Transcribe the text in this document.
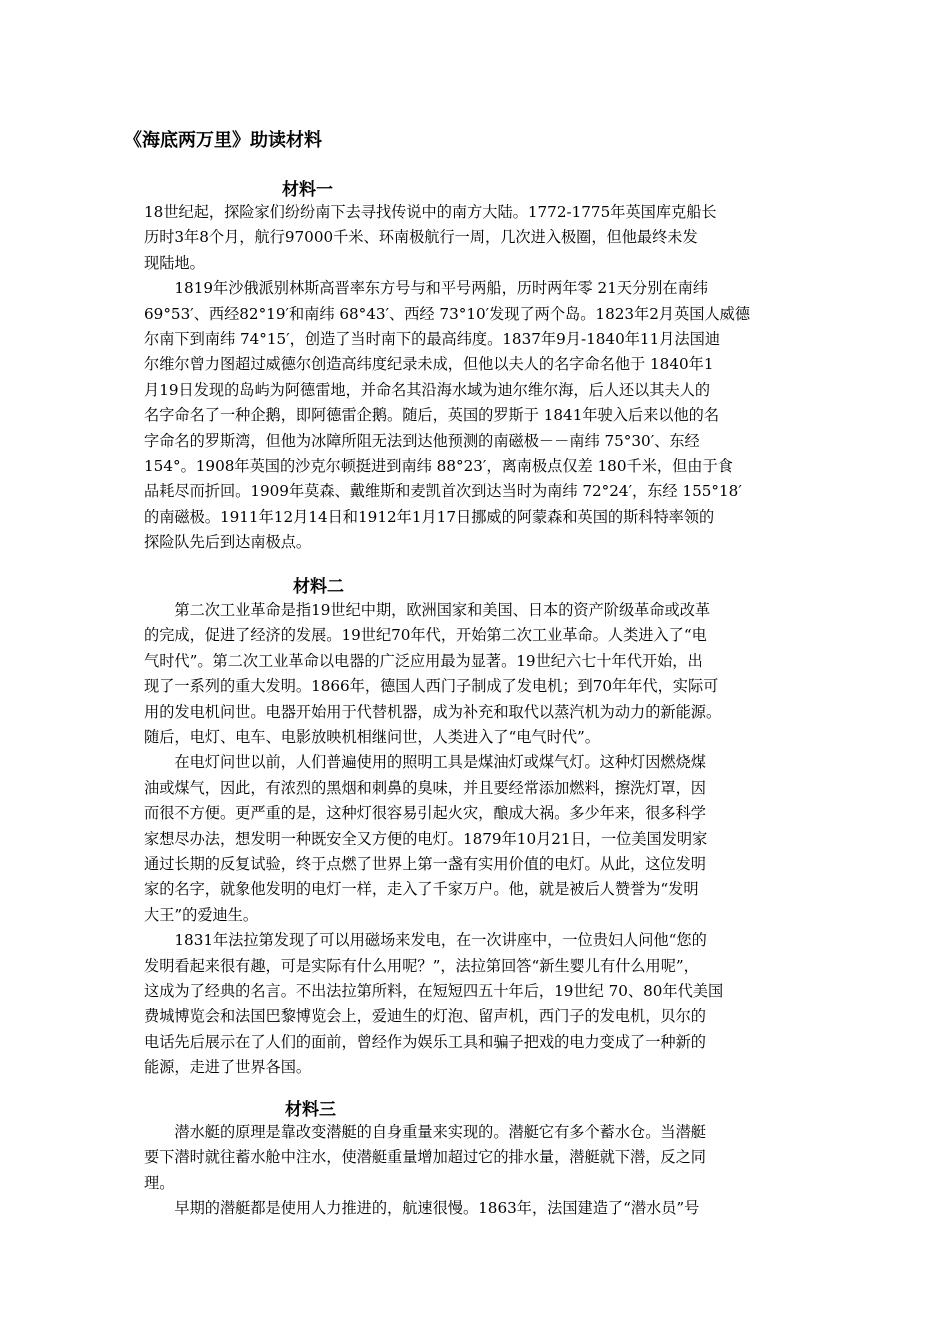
《海底两万里》助读材料
材料一
18世纪起，探险家们纷纷南下去寻找传说中的南方大陆。1772-1775年英国库克船长
历时3年8个月，航行97000千米、环南极航行一周，几次进入极圈，但他最终未发
现陆地。
　　1819年沙俄派别林斯高晋率东方号与和平号两船，历时两年零 21天分别在南纬
69°53′、西经82°19′和南纬 68°43′、西经 73°10′发现了两个岛。1823年2月英国人威德
尔南下到南纬 74°15′，创造了当时南下的最高纬度。1837年9月-1840年11月法国迪
尔维尔曾力图超过威德尔创造高纬度纪录未成，但他以夫人的名字命名他于 1840年1
月19日发现的岛屿为阿德雷地，并命名其沿海水域为迪尔维尔海，后人还以其夫人的
名字命名了一种企鹅，即阿德雷企鹅。随后，英国的罗斯于 1841年驶入后来以他的名
字命名的罗斯湾，但他为冰障所阻无法到达他预测的南磁极－－南纬 75°30′、东经
154°。1908年英国的沙克尔顿挺进到南纬 88°23′，离南极点仅差 180千米，但由于食
品耗尽而折回。1909年莫森、戴维斯和麦凯首次到达当时为南纬 72°24′，东经 155°18′
的南磁极。1911年12月14日和1912年1月17日挪威的阿蒙森和英国的斯科特率领的
探险队先后到达南极点。
材料二
　　第二次工业革命是指19世纪中期，欧洲国家和美国、日本的资产阶级革命或改革
的完成，促进了经济的发展。19世纪70年代，开始第二次工业革命。人类进入了“电
气时代”。第二次工业革命以电器的广泛应用最为显著。19世纪六七十年代开始，出
现了一系列的重大发明。1866年，德国人西门子制成了发电机；到70年年代，实际可
用的发电机问世。电器开始用于代替机器，成为补充和取代以蒸汽机为动力的新能源。
随后，电灯、电车、电影放映机相继问世，人类进入了“电气时代”。
　　在电灯问世以前，人们普遍使用的照明工具是煤油灯或煤气灯。这种灯因燃烧煤
油或煤气，因此，有浓烈的黑烟和刺鼻的臭味，并且要经常添加燃料，擦洗灯罩，因
而很不方便。更严重的是，这种灯很容易引起火灾，酿成大祸。多少年来，很多科学
家想尽办法，想发明一种既安全又方便的电灯。1879年10月21日，一位美国发明家
通过长期的反复试验，终于点燃了世界上第一盏有实用价值的电灯。从此，这位发明
家的名字，就象他发明的电灯一样，走入了千家万户。他，就是被后人赞誉为“发明
大王”的爱迪生。
　　1831年法拉第发现了可以用磁场来发电，在一次讲座中，一位贵妇人问他“您的
发明看起来很有趣，可是实际有什么用呢？”，法拉第回答“新生婴儿有什么用呢”，
这成为了经典的名言。不出法拉第所料，在短短四五十年后，19世纪 70、80年代美国
费城博览会和法国巴黎博览会上，爱迪生的灯泡、留声机，西门子的发电机，贝尔的
电话先后展示在了人们的面前，曾经作为娱乐工具和骗子把戏的电力变成了一种新的
能源，走进了世界各国。
材料三
　　潜水艇的原理是靠改变潜艇的自身重量来实现的。潜艇它有多个蓄水仓。当潜艇
要下潜时就往蓄水舱中注水，使潜艇重量增加超过它的排水量，潜艇就下潜，反之同
理。
　　早期的潜艇都是使用人力推进的，航速很慢。1863年，法国建造了“潜水员”号
